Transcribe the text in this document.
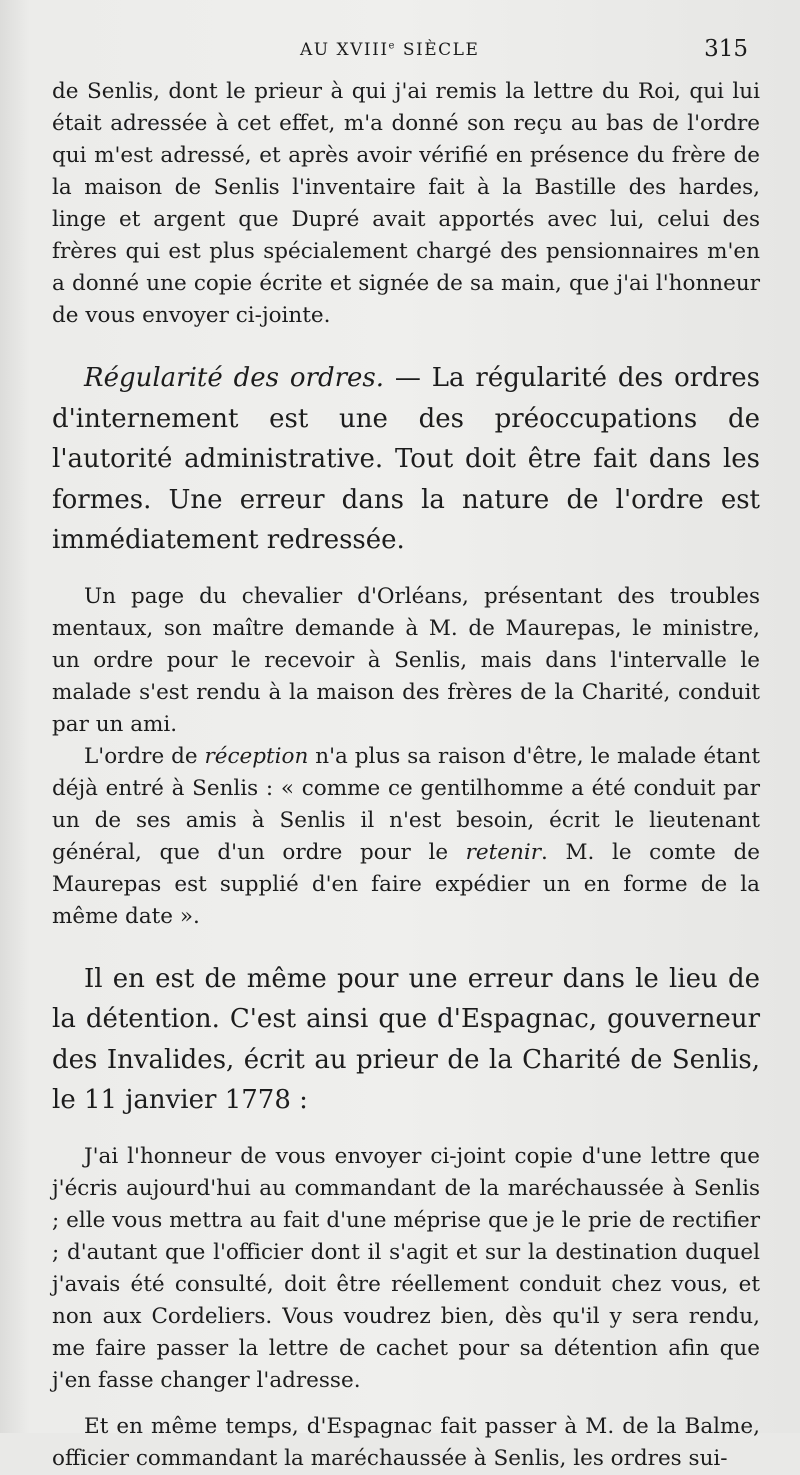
AU XVIIIe SIÈCLE	315

de Senlis, dont le prieur à qui j'ai remis la lettre du Roi, qui lui était adressée à cet effet, m'a donné son reçu au bas de l'ordre qui m'est adressé, et après avoir vérifié en présence du frère de la maison de Senlis l'inventaire fait à la Bastille des hardes, linge et argent que Dupré avait apportés avec lui, celui des frères qui est plus spécialement chargé des pensionnaires m'en a donné une copie écrite et signée de sa main, que j'ai l'honneur de vous envoyer ci-jointe.

Régularité des ordres. — La régularité des ordres d'internement est une des préoccupations de l'autorité administrative. Tout doit être fait dans les formes. Une erreur dans la nature de l'ordre est immédiatement redressée.

Un page du chevalier d'Orléans, présentant des troubles mentaux, son maître demande à M. de Maurepas, le ministre, un ordre pour le recevoir à Senlis, mais dans l'intervalle le malade s'est rendu à la maison des frères de la Charité, conduit par un ami.

L'ordre de réception n'a plus sa raison d'être, le malade étant déjà entré à Senlis : « comme ce gentilhomme a été conduit par un de ses amis à Senlis il n'est besoin, écrit le lieutenant général, que d'un ordre pour le retenir. M. le comte de Maurepas est supplié d'en faire expédier un en forme de la même date ».

Il en est de même pour une erreur dans le lieu de la détention. C'est ainsi que d'Espagnac, gouverneur des Invalides, écrit au prieur de la Charité de Senlis, le 11 janvier 1778 :

J'ai l'honneur de vous envoyer ci-joint copie d'une lettre que j'écris aujourd'hui au commandant de la maréchaussée à Senlis ; elle vous mettra au fait d'une méprise que je le prie de rectifier ; d'autant que l'officier dont il s'agit et sur la destination duquel j'avais été consulté, doit être réellement conduit chez vous, et non aux Cordeliers. Vous voudrez bien, dès qu'il y sera rendu, me faire passer la lettre de cachet pour sa détention afin que j'en fasse changer l'adresse.

Et en même temps, d'Espagnac fait passer à M. de la Balme, officier commandant la maréchaussée à Senlis, les ordres sui-
